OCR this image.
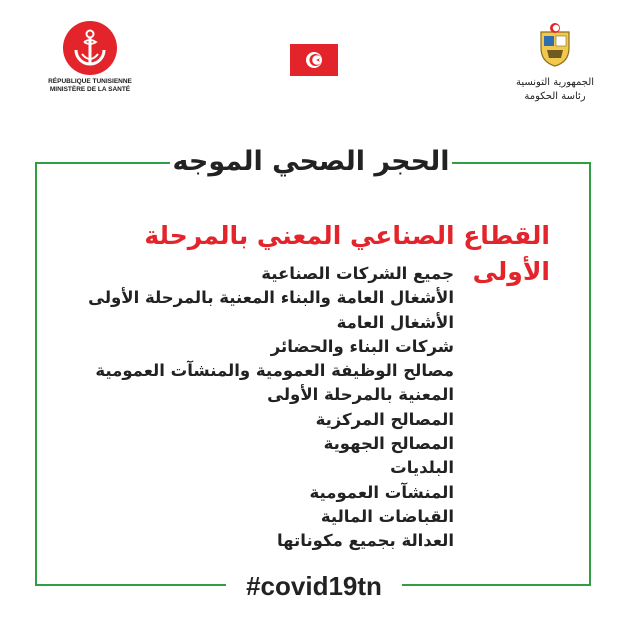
RÉPUBLIQUE TUNISIENNE
MINISTÈRE DE LA SANTÉ
الجمهورية التونسية
رئاسة الحكومة
الحجر الصحي الموجه
القطاع الصناعي المعني بالمرحلة الأولى
جميع الشركات الصناعية
الأشغال العامة والبناء المعنية بالمرحلة الأولى
الأشغال العامة
شركات البناء والحضائر
مصالح الوظيفة العمومية والمنشآت العمومية
المعنية بالمرحلة الأولى
المصالح المركزية
المصالح الجهوية
البلديات
المنشآت العمومية
القباضات المالية
العدالة بجميع مكوناتها
#covid19tn
